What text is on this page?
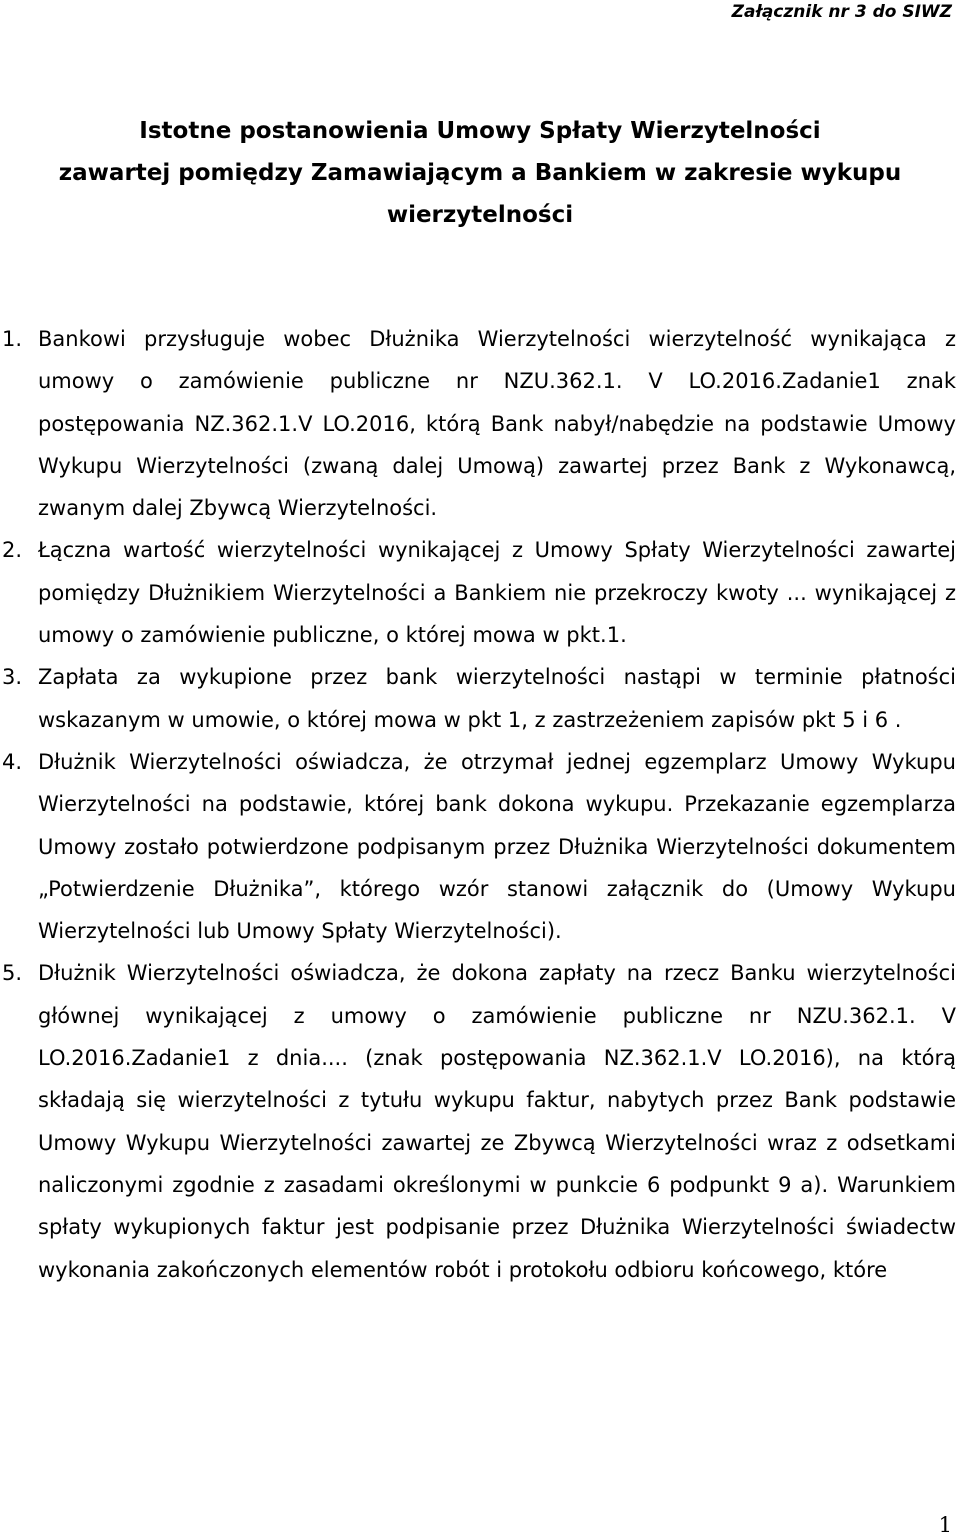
Załącznik nr 3 do SIWZ
Istotne postanowienia Umowy Spłaty Wierzytelności
zawartej pomiędzy Zamawiającym a Bankiem w zakresie wykupu
wierzytelności
1. Bankowi przysługuje wobec Dłużnika Wierzytelności wierzytelność wynikająca z umowy o zamówienie publiczne nr NZU.362.1. V LO.2016.Zadanie1 znak postępowania NZ.362.1.V LO.2016, którą Bank nabył/nabędzie na podstawie Umowy Wykupu Wierzytelności (zwaną dalej Umową) zawartej przez Bank z Wykonawcą, zwanym dalej Zbywcą Wierzytelności.
2. Łączna wartość wierzytelności wynikającej z Umowy Spłaty Wierzytelności zawartej pomiędzy Dłużnikiem Wierzytelności a Bankiem nie przekroczy kwoty ... wynikającej z umowy o zamówienie publiczne, o której mowa w pkt.1.
3. Zapłata za wykupione przez bank wierzytelności nastąpi w terminie płatności wskazanym w umowie, o której mowa w pkt 1, z zastrzeżeniem zapisów pkt 5 i 6 .
4. Dłużnik Wierzytelności oświadcza, że otrzymał jednej egzemplarz Umowy Wykupu Wierzytelności na podstawie, której bank dokona wykupu. Przekazanie egzemplarza Umowy zostało potwierdzone podpisanym przez Dłużnika Wierzytelności dokumentem „Potwierdzenie Dłużnika”, którego wzór stanowi załącznik do (Umowy Wykupu Wierzytelności lub Umowy Spłaty Wierzytelności).
5. Dłużnik Wierzytelności oświadcza, że dokona zapłaty na rzecz Banku wierzytelności głównej wynikającej z umowy o zamówienie publiczne nr NZU.362.1. V LO.2016.Zadanie1 z dnia.... (znak postępowania NZ.362.1.V LO.2016), na którą składają się wierzytelności z tytułu wykupu faktur, nabytych przez Bank podstawie Umowy Wykupu Wierzytelności zawartej ze Zbywcą Wierzytelności wraz z odsetkami naliczonymi zgodnie z zasadami określonymi w punkcie 6 podpunkt 9 a). Warunkiem spłaty wykupionych faktur jest podpisanie przez Dłużnika Wierzytelności świadectw wykonania zakończonych elementów robót i protokołu odbioru końcowego, które
1
